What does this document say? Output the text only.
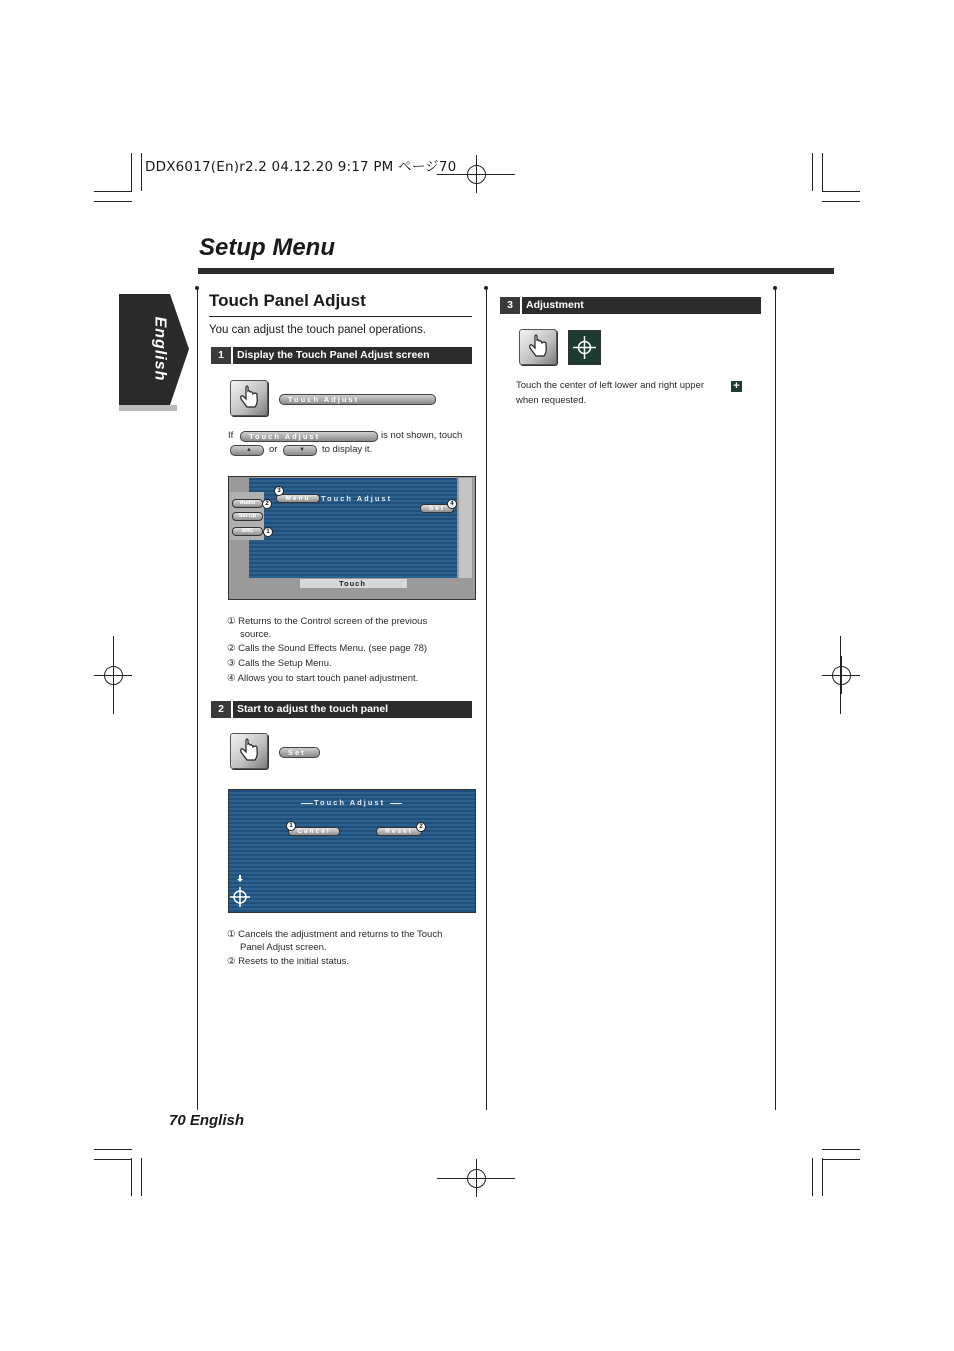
DDX6017(En)r2.2 04.12.20 9:17 PM ページ70
Setup Menu
English
Touch Panel Adjust
You can adjust the touch panel operations.
1	Display the Touch Panel Adjust screen
Touch Adjust
If	Touch Adjust	is not shown, touch
▲	or	▼	to display it.
Menu	Touch Adjust
Set
Audio
Set Up
SRC
Touch
1
2
3
4
① Returns to the Control screen of the previous
source.
② Calls the Sound Effects Menu. (see page 78)
③ Calls the Setup Menu.
④ Allows you to start touch panel adjustment.
2	Start to adjust the touch panel
Set
Touch Adjust
Cancel	Reset
1	2
① Cancels the adjustment and returns to the Touch
Panel Adjust screen.
② Resets to the initial status.
3	Adjustment
Touch the center of left lower and right upper	+
when requested.
70 English
